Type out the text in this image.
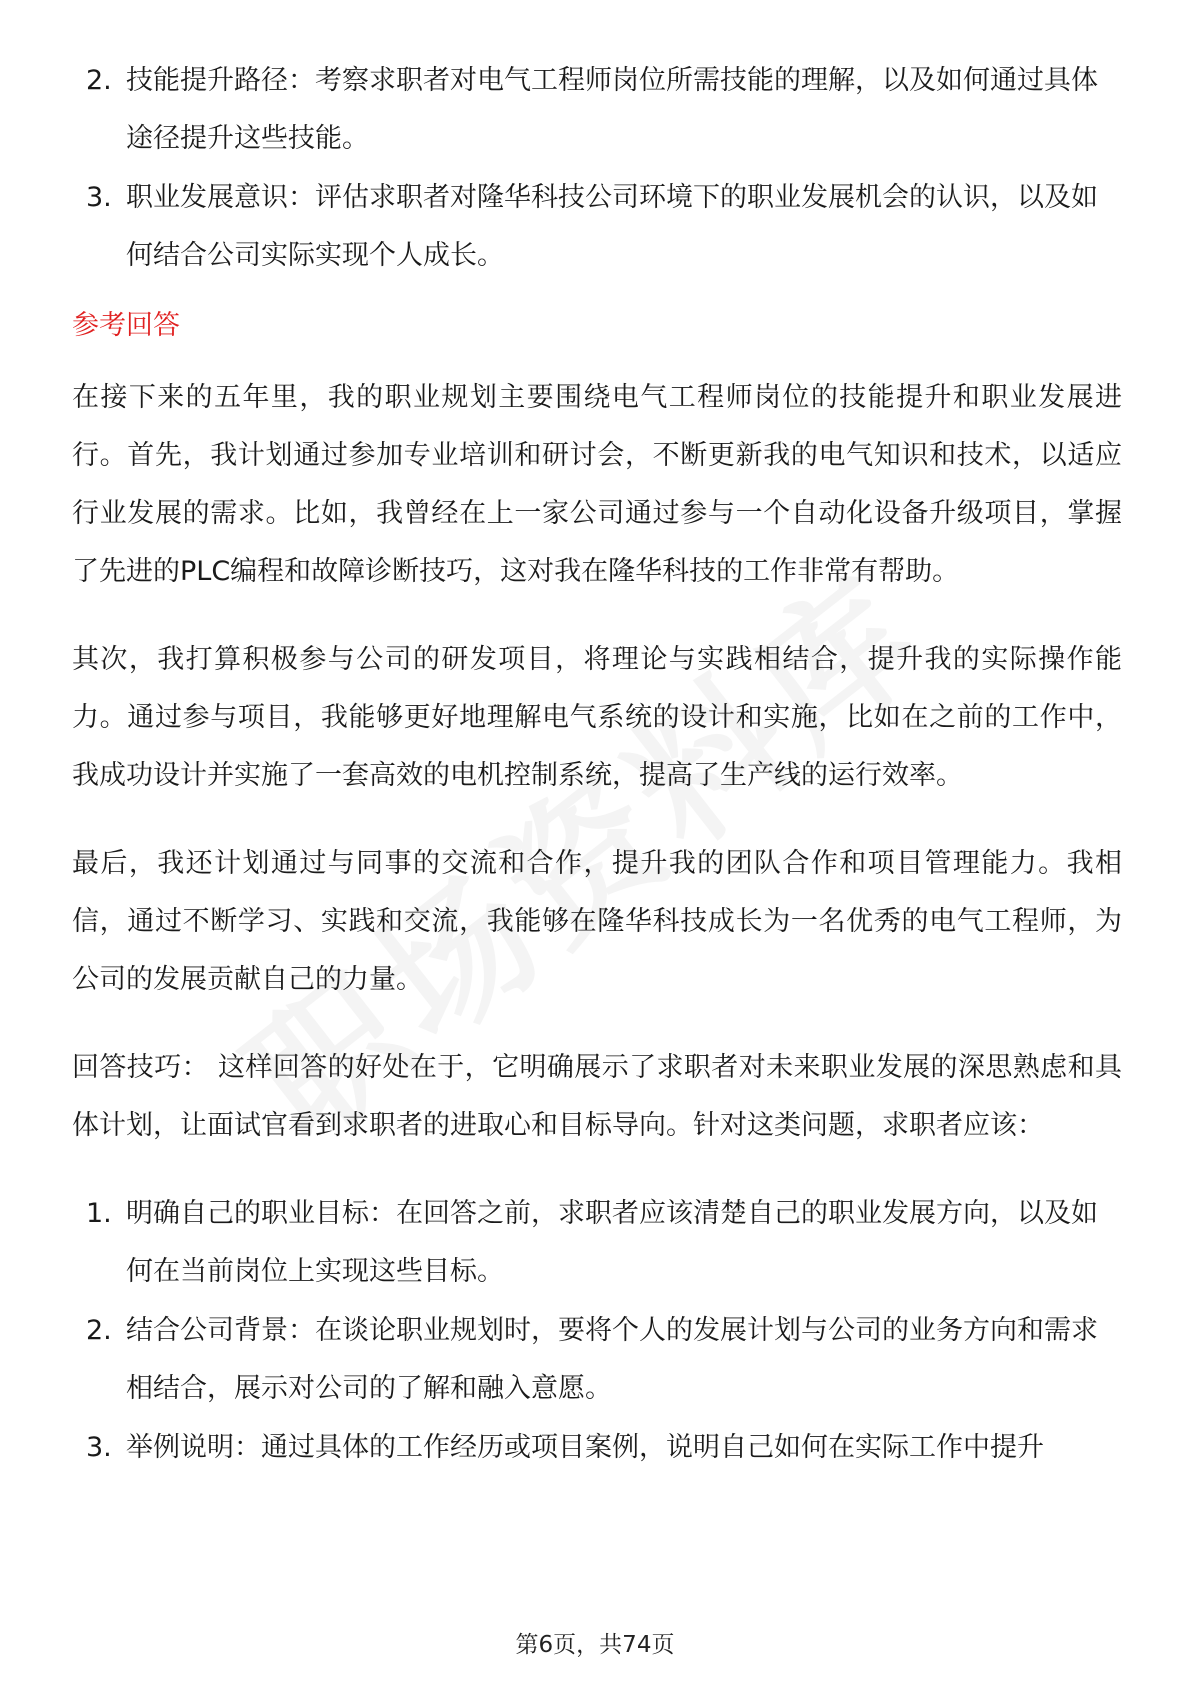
2. 技能提升路径：考察求职者对电气工程师岗位所需技能的理解，以及如何通过具体途径提升这些技能。
3. 职业发展意识：评估求职者对隆华科技公司环境下的职业发展机会的认识，以及如何结合公司实际实现个人成长。
参考回答

在接下来的五年里，我的职业规划主要围绕电气工程师岗位的技能提升和职业发展进行。首先，我计划通过参加专业培训和研讨会，不断更新我的电气知识和技术，以适应行业发展的需求。比如，我曾经在上一家公司通过参与一个自动化设备升级项目，掌握了先进的PLC编程和故障诊断技巧，这对我在隆华科技的工作非常有帮助。

其次，我打算积极参与公司的研发项目，将理论与实践相结合，提升我的实际操作能力。通过参与项目，我能够更好地理解电气系统的设计和实施，比如在之前的工作中，我成功设计并实施了一套高效的电机控制系统，提高了生产线的运行效率。

最后，我还计划通过与同事的交流和合作，提升我的团队合作和项目管理能力。我相信，通过不断学习、实践和交流，我能够在隆华科技成长为一名优秀的电气工程师，为公司的发展贡献自己的力量。

回答技巧： 这样回答的好处在于，它明确展示了求职者对未来职业发展的深思熟虑和具体计划，让面试官看到求职者的进取心和目标导向。针对这类问题，求职者应该：

1. 明确自己的职业目标：在回答之前，求职者应该清楚自己的职业发展方向，以及如何在当前岗位上实现这些目标。
2. 结合公司背景：在谈论职业规划时，要将个人的发展计划与公司的业务方向和需求相结合，展示对公司的了解和融入意愿。
3. 举例说明：通过具体的工作经历或项目案例，说明自己如何在实际工作中提升
第6页，共74页
